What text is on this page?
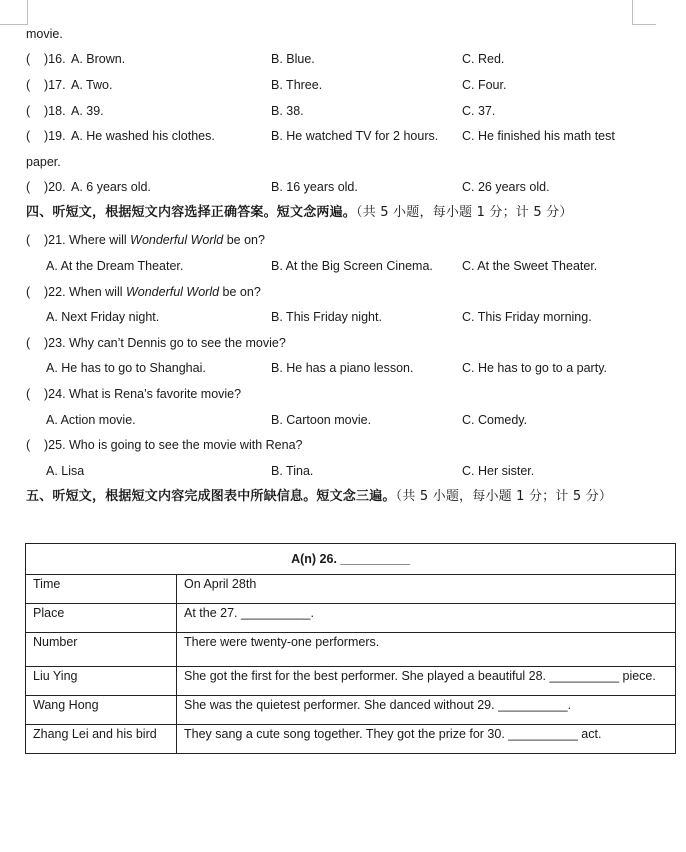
movie.
( )16. A. Brown.	B. Blue.	C. Red.
( )17. A. Two.	B. Three.	C. Four.
( )18. A. 39.	B. 38.	C. 37.
( )19. A. He washed his clothes.	B. He watched TV for 2 hours. C. He finished his math test
paper.
( )20. A. 6 years old.	B. 16 years old.	C. 26 years old.
四、听短文，根据短文内容选择正确答案。短文念两遍。（共 5 小题，每小题 1 分；计 5 分）
( )21. Where will Wonderful World be on?
A. At the Dream Theater.	B. At the Big Screen Cinema. C. At the Sweet Theater.
( )22. When will Wonderful World be on?
A. Next Friday night.	B. This Friday night.	C. This Friday morning.
( )23. Why can’t Dennis go to see the movie?
A. He has to go to Shanghai.	B. He has a piano lesson.	C. He has to go to a party.
( )24. What is Rena’s favorite movie?
A. Action movie.	B. Cartoon movie.	C. Comedy.
( )25. Who is going to see the movie with Rena?
A. Lisa	B. Tina.	C. Her sister.
五、听短文，根据短文内容完成图表中所缺信息。短文念三遍。（共 5 小题，每小题 1 分；计 5 分）
A(n) 26. __________	
Time	On April 28th
Place	At the 27. __________.
Number	There were twenty-one performers.
Liu Ying	She got the first for the best performer. She played a beautiful 28. __________ piece.
Wang Hong	She was the quietest performer. She danced without 29. __________.
Zhang Lei and his bird	They sang a cute song together. They got the prize for 30. __________ act.
